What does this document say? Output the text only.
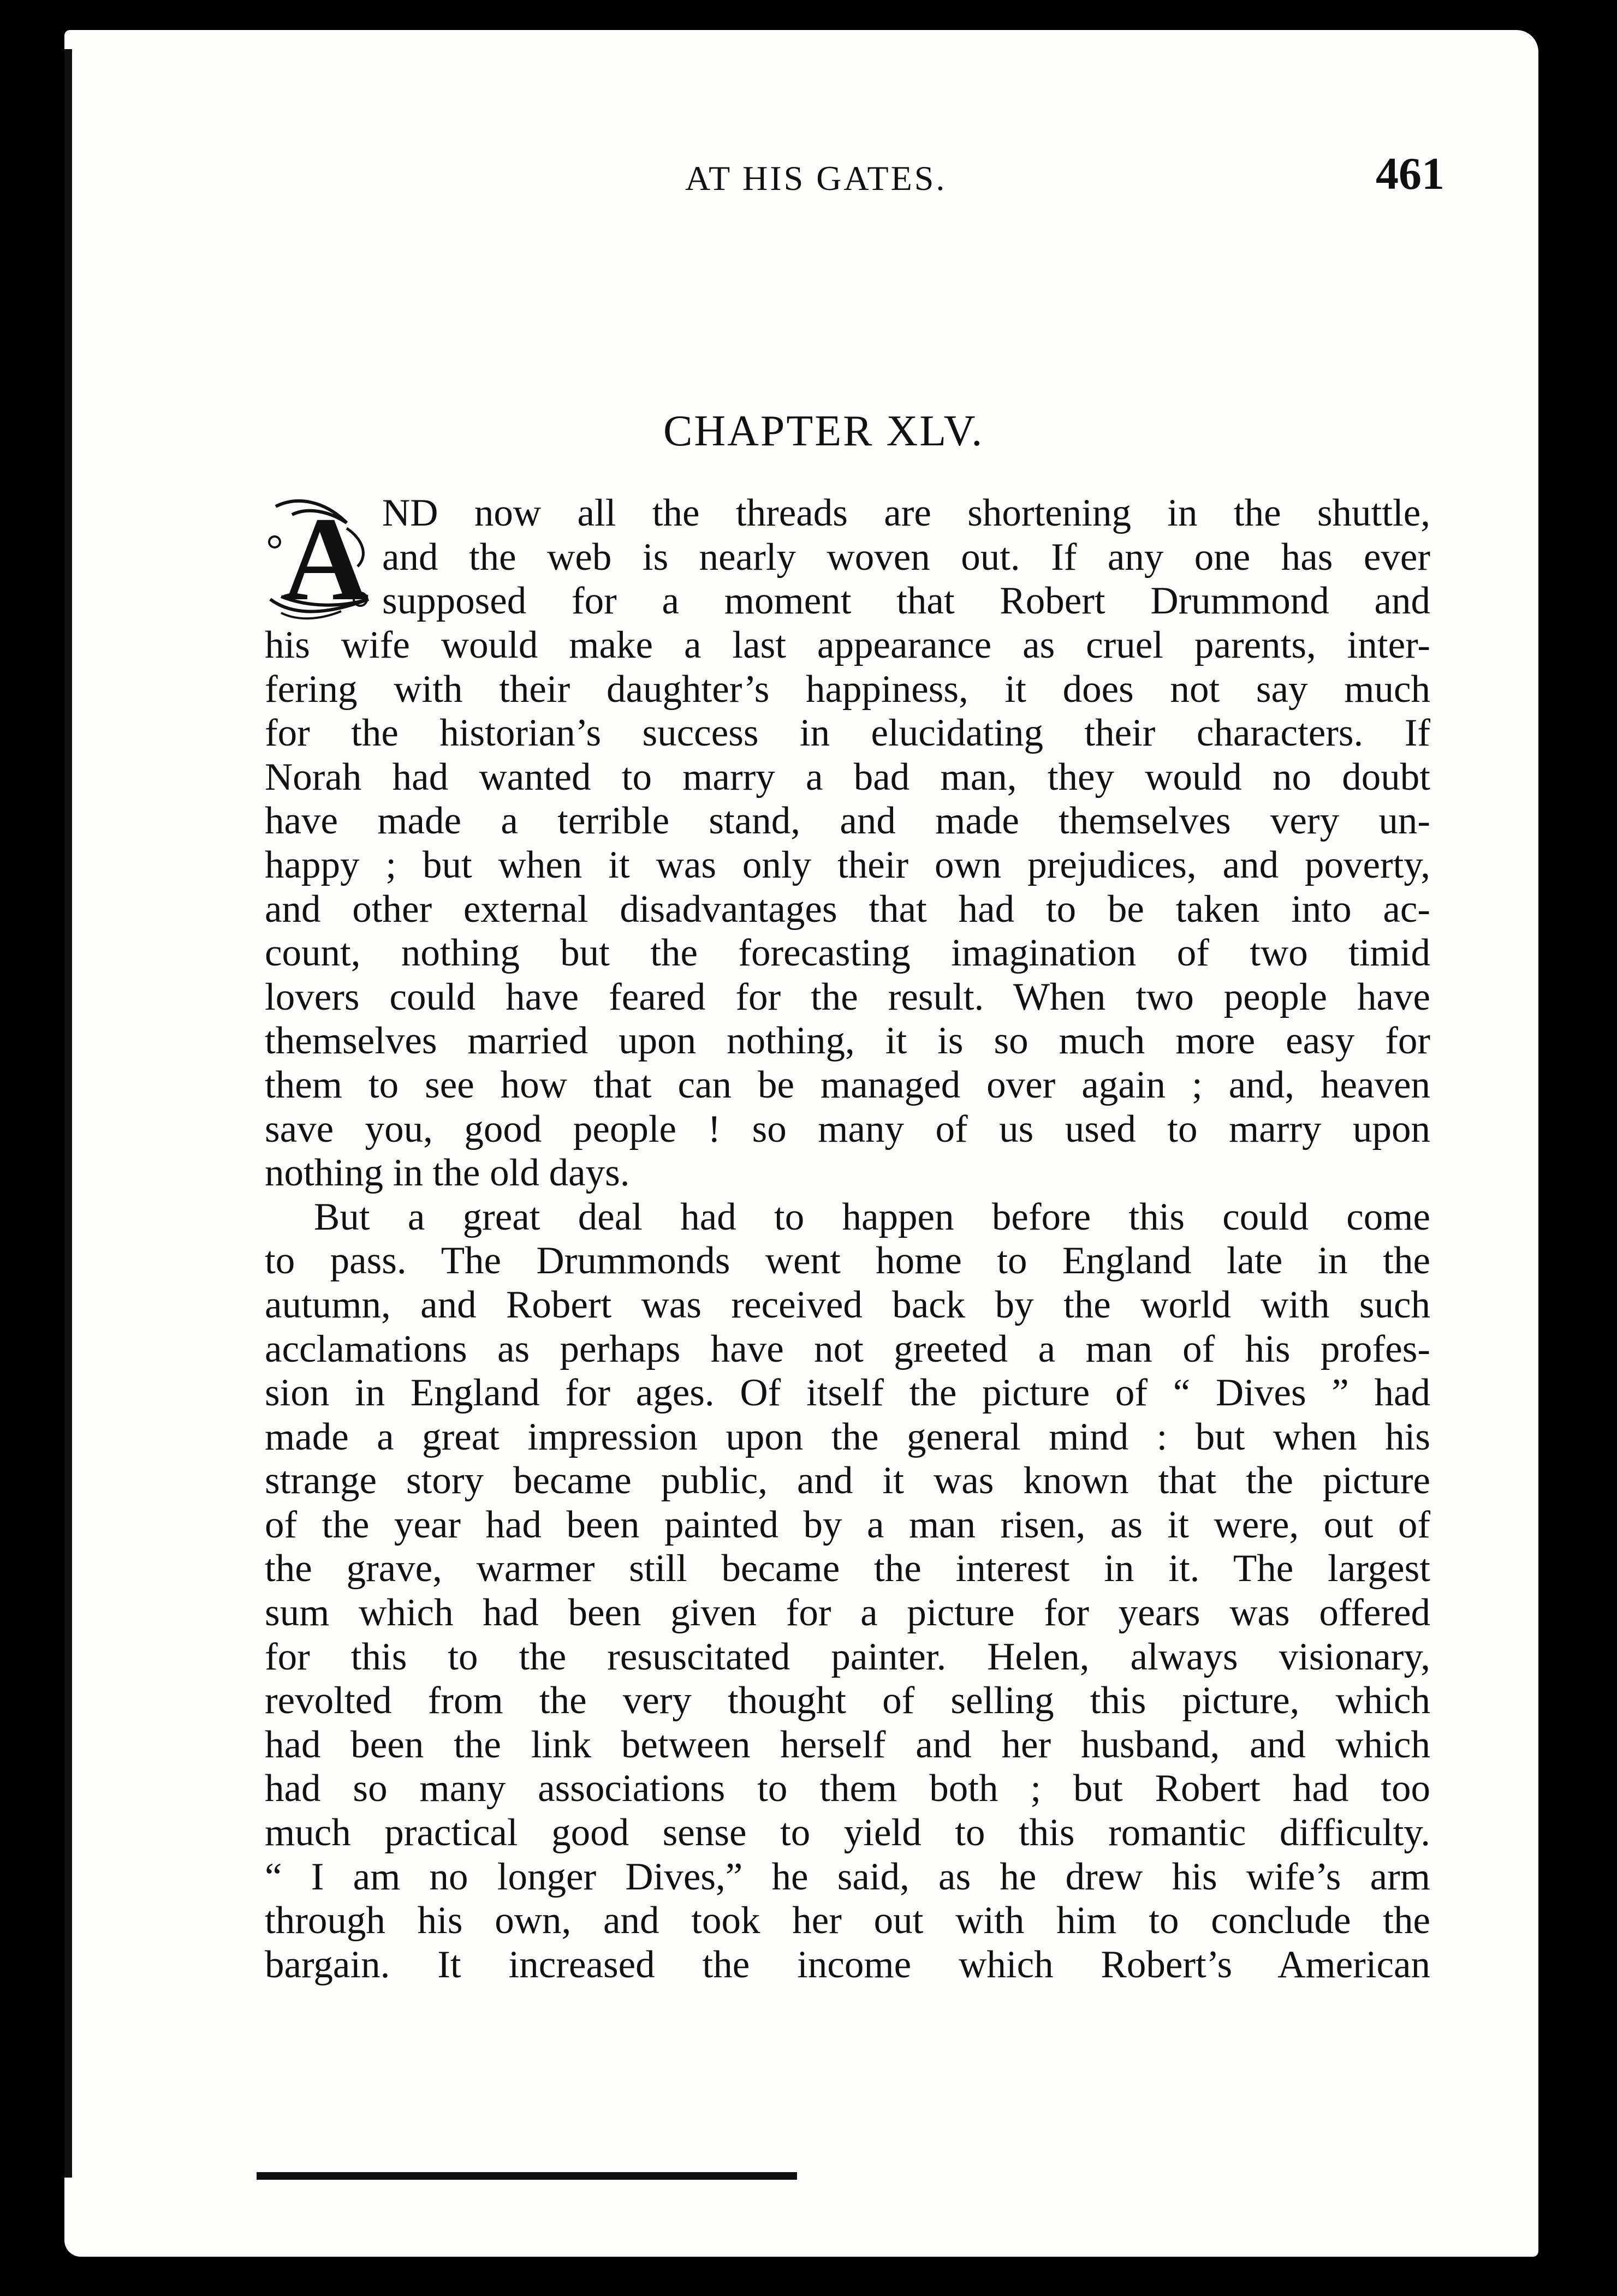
AT HIS GATES.	461
CHAPTER XLV.
A ND now all the threads are shortening in the shuttle,
and the web is nearly woven out. If any one has ever
supposed for a moment that Robert Drummond and
his wife would make a last appearance as cruel parents, inter-
fering with their daughter’s happiness, it does not say much
for the historian’s success in elucidating their characters. If
Norah had wanted to marry a bad man, they would no doubt
have made a terrible stand, and made themselves very un-
happy ; but when it was only their own prejudices, and poverty,
and other external disadvantages that had to be taken into ac-
count, nothing but the forecasting imagination of two timid
lovers could have feared for the result. When two people have
themselves married upon nothing, it is so much more easy for
them to see how that can be managed over again ; and, heaven
save you, good people ! so many of us used to marry upon
nothing in the old days.
But a great deal had to happen before this could come
to pass. The Drummonds went home to England late in the
autumn, and Robert was received back by the world with such
acclamations as perhaps have not greeted a man of his profes-
sion in England for ages. Of itself the picture of “ Dives ” had
made a great impression upon the general mind : but when his
strange story became public, and it was known that the picture
of the year had been painted by a man risen, as it were, out of
the grave, warmer still became the interest in it. The largest
sum which had been given for a picture for years was offered
for this to the resuscitated painter. Helen, always visionary,
revolted from the very thought of selling this picture, which
had been the link between herself and her husband, and which
had so many associations to them both ; but Robert had too
much practical good sense to yield to this romantic difficulty.
“ I am no longer Dives,” he said, as he drew his wife’s arm
through his own, and took her out with him to conclude the
bargain. It increased the income which Robert’s American
